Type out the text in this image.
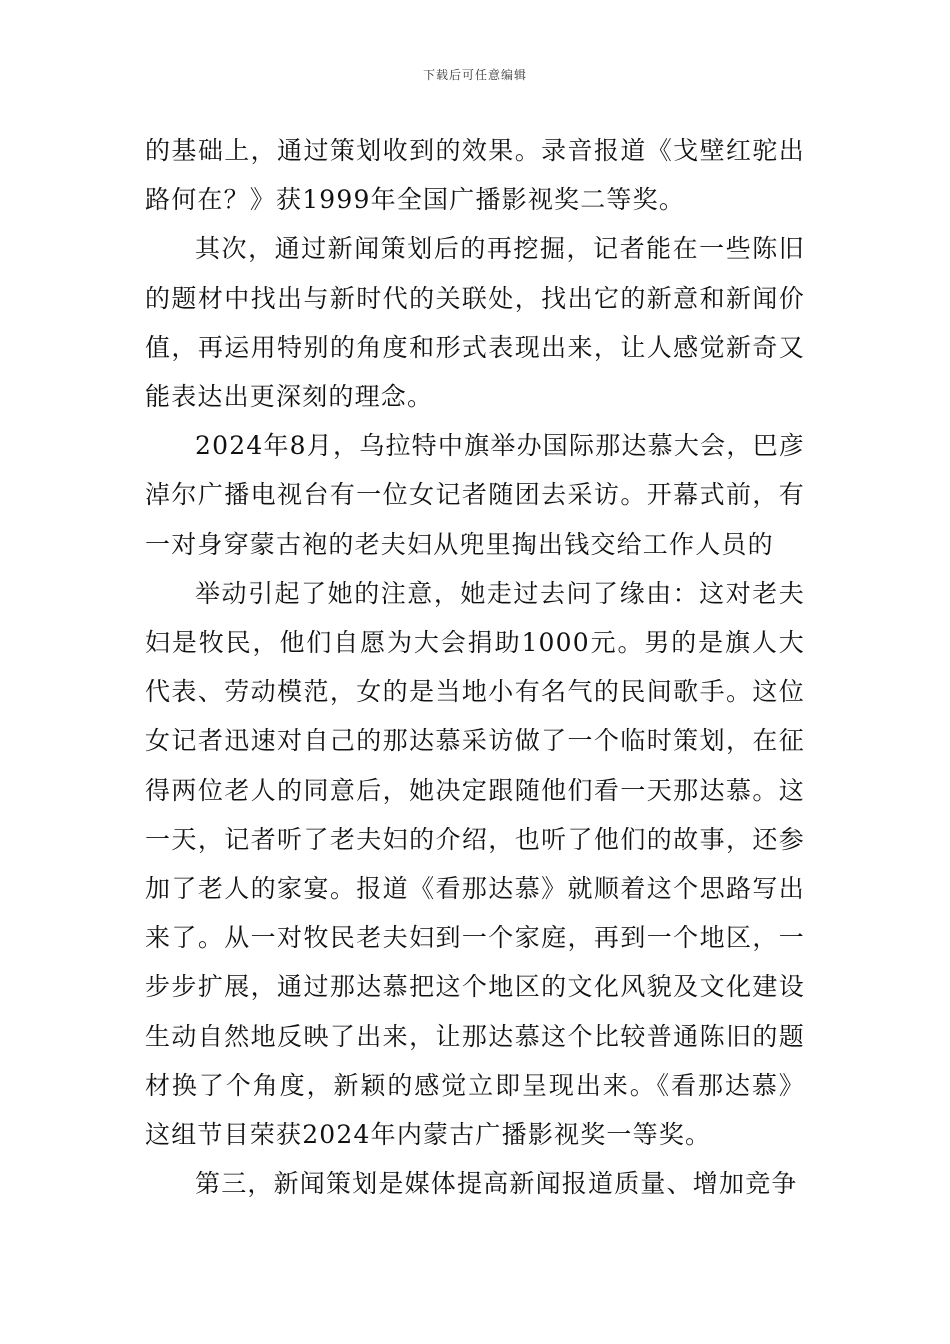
下载后可任意编辑

的基础上，通过策划收到的效果。录音报道《戈壁红驼出路何在？》获1999年全国广播影视奖二等奖。

其次，通过新闻策划后的再挖掘，记者能在一些陈旧的题材中找出与新时代的关联处，找出它的新意和新闻价值，再运用特别的角度和形式表现出来，让人感觉新奇又能表达出更深刻的理念。

2024年8月，乌拉特中旗举办国际那达慕大会，巴彦淖尔广播电视台有一位女记者随团去采访。开幕式前，有一对身穿蒙古袍的老夫妇从兜里掏出钱交给工作人员的

举动引起了她的注意，她走过去问了缘由：这对老夫妇是牧民，他们自愿为大会捐助1000元。男的是旗人大代表、劳动模范，女的是当地小有名气的民间歌手。这位女记者迅速对自己的那达慕采访做了一个临时策划，在征得两位老人的同意后，她决定跟随他们看一天那达慕。这一天，记者听了老夫妇的介绍，也听了他们的故事，还参加了老人的家宴。报道《看那达慕》就顺着这个思路写出来了。从一对牧民老夫妇到一个家庭，再到一个地区，一步步扩展，通过那达慕把这个地区的文化风貌及文化建设生动自然地反映了出来，让那达慕这个比较普通陈旧的题材换了个角度，新颖的感觉立即呈现出来。《看那达慕》这组节目荣获2024年内蒙古广播影视奖一等奖。

第三，新闻策划是媒体提高新闻报道质量、增加竞争
